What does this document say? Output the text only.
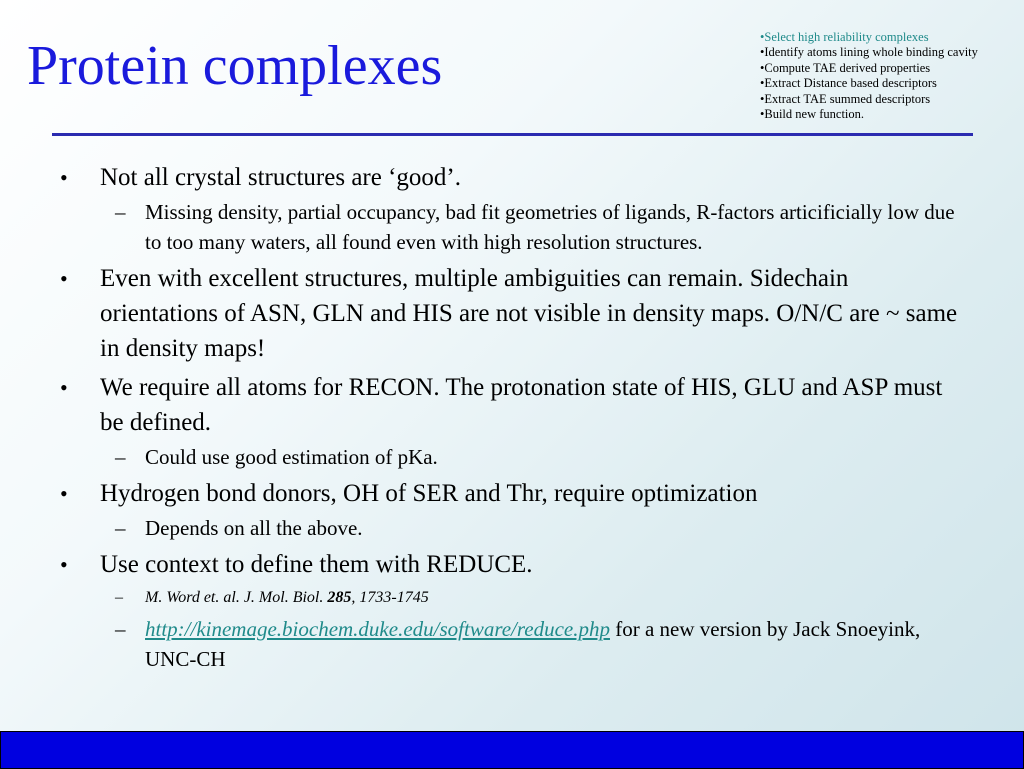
Protein complexes	•Select high reliability complexes
•Identify atoms lining whole binding cavity
•Compute TAE derived properties
•Extract Distance based descriptors
•Extract TAE summed descriptors
•Build new function.
• Not all crystal structures are ‘good’.
– Missing density, partial occupancy, bad fit geometries of ligands, R-factors articificially low due to too many waters, all found even with high resolution structures.
• Even with excellent structures, multiple ambiguities can remain. Sidechain orientations of ASN, GLN and HIS are not visible in density maps. O/N/C are ~ same in density maps!
• We require all atoms for RECON. The protonation state of HIS, GLU and ASP must be defined.
– Could use good estimation of pKa.
• Hydrogen bond donors, OH of SER and Thr, require optimization
– Depends on all the above.
• Use context to define them with REDUCE.
– M. Word et. al. J. Mol. Biol. 285, 1733-1745
– http://kinemage.biochem.duke.edu/software/reduce.php for a new version by Jack Snoeyink, UNC-CH
